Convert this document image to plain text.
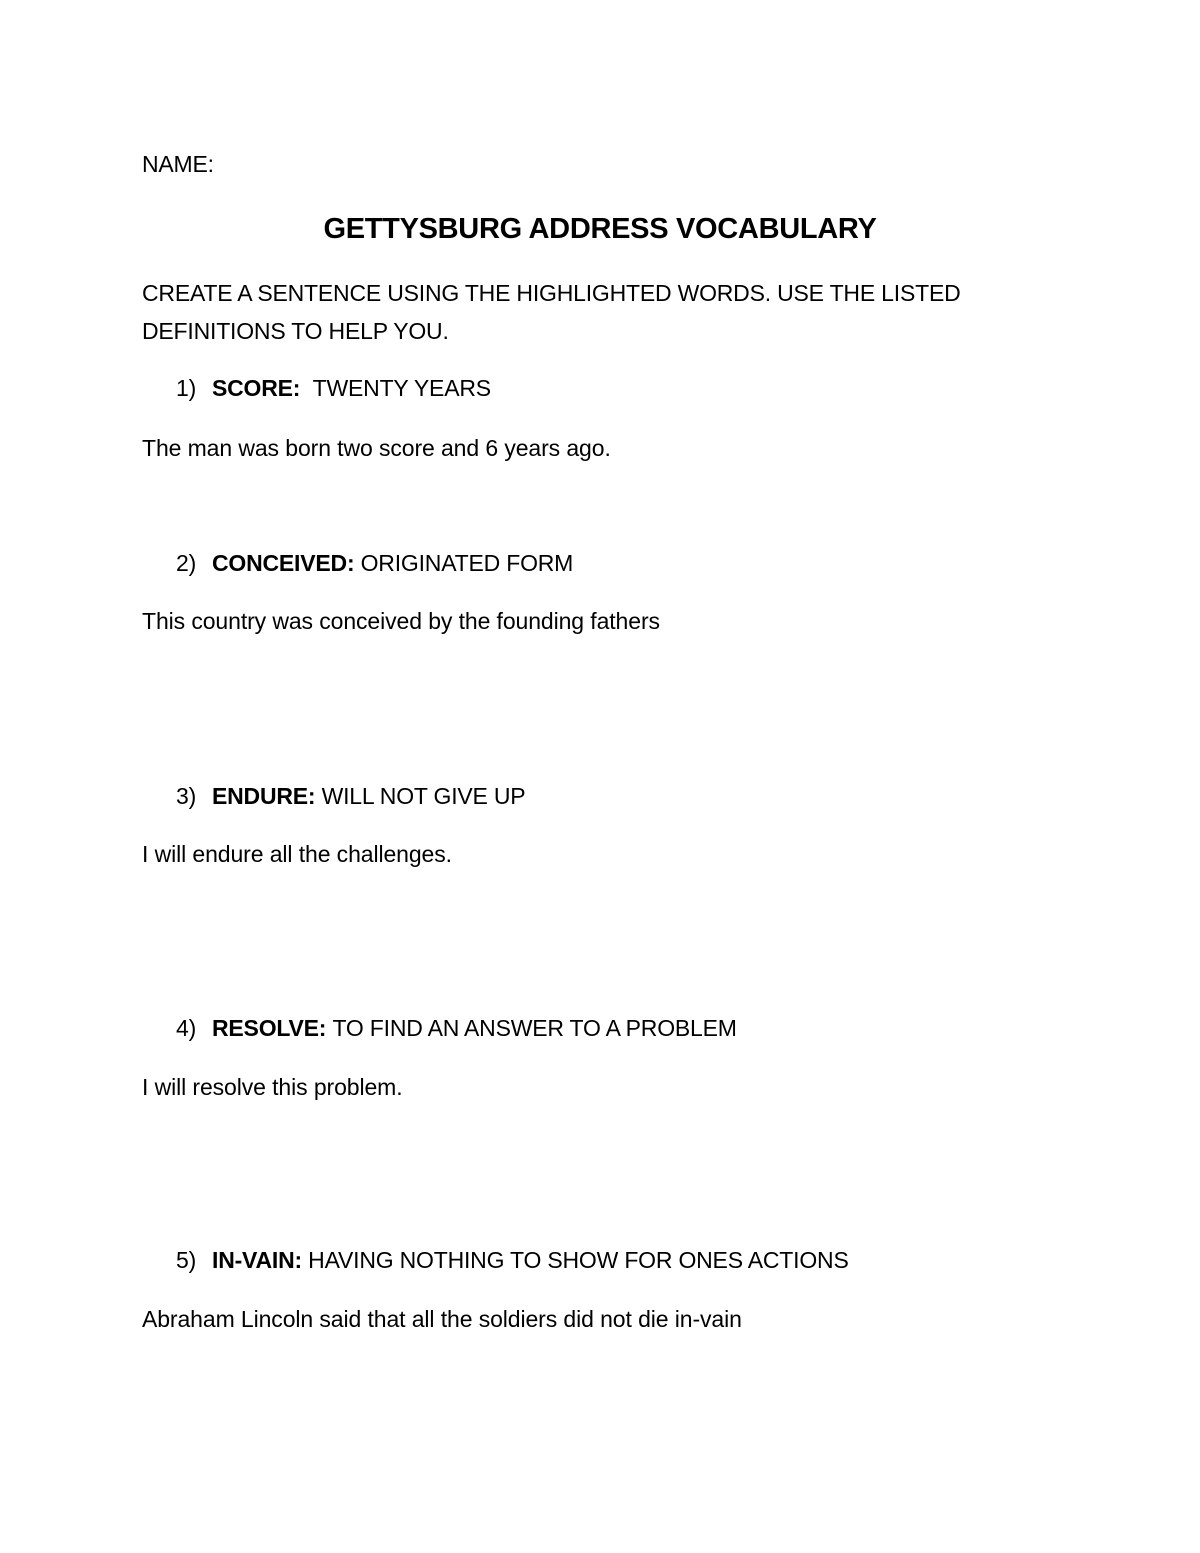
NAME:
GETTYSBURG ADDRESS VOCABULARY
CREATE A SENTENCE USING THE HIGHLIGHTED WORDS. USE THE LISTED
DEFINITIONS TO HELP YOU.
1) SCORE: TWENTY YEARS
The man was born two score and 6 years ago.
2) CONCEIVED: ORIGINATED FORM
This country was conceived by the founding fathers
3) ENDURE: WILL NOT GIVE UP
I will endure all the challenges.
4) RESOLVE: TO FIND AN ANSWER TO A PROBLEM
I will resolve this problem.
5) IN-VAIN: HAVING NOTHING TO SHOW FOR ONES ACTIONS
Abraham Lincoln said that all the soldiers did not die in-vain
